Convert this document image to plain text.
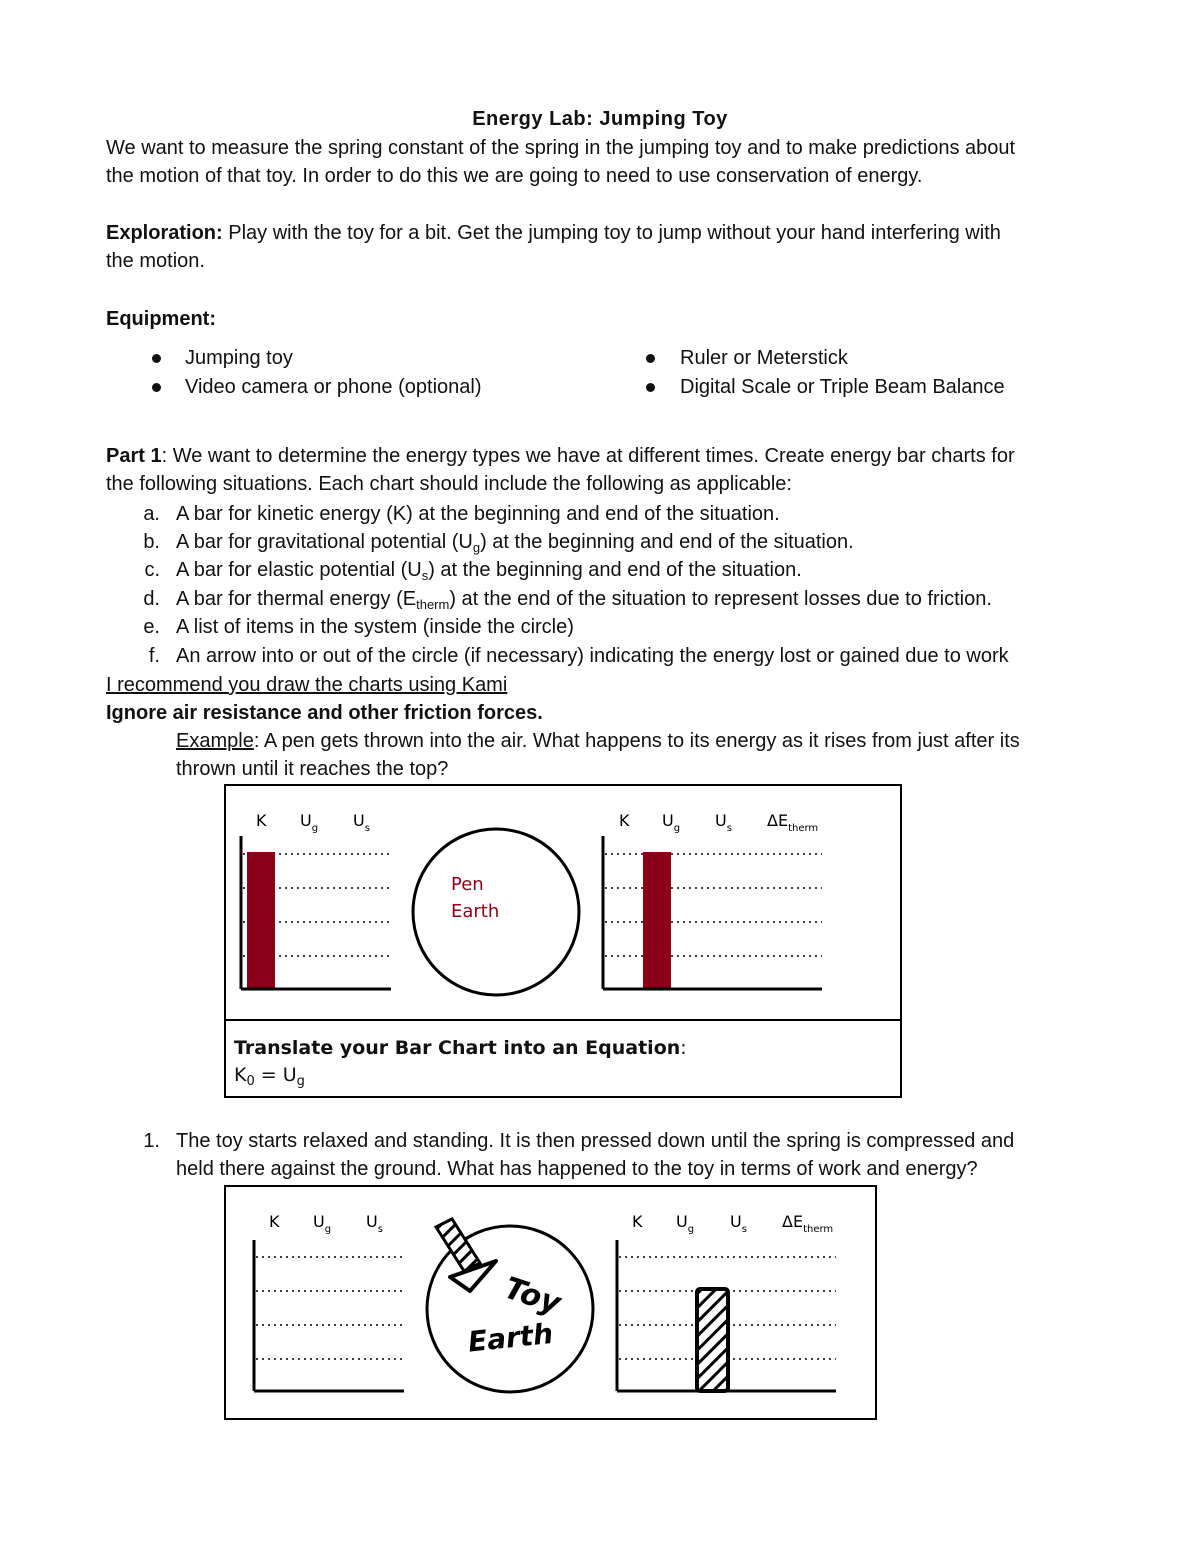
Energy Lab: Jumping Toy
We want to measure the spring constant of the spring in the jumping toy and to make predictions about
the motion of that toy. In order to do this we are going to need to use conservation of energy.
Exploration: Play with the toy for a bit. Get the jumping toy to jump without your hand interfering with
the motion.
Equipment:
Jumping toy
Video camera or phone (optional)
Ruler or Meterstick
Digital Scale or Triple Beam Balance
Part 1: We want to determine the energy types we have at different times. Create energy bar charts for
the following situations. Each chart should include the following as applicable:
a. A bar for kinetic energy (K) at the beginning and end of the situation.
b. A bar for gravitational potential $(U_g)$ at the beginning and end of the situation.
c. A bar for elastic potential $(U_s)$ at the beginning and end of the situation.
d. A bar for thermal energy $(E_{therm})$ at the end of the situation to represent losses due to friction.
e. A list of items in the system (inside the circle)
f. An arrow into or out of the circle (if necessary) indicating the energy lost or gained due to work
I recommend you draw the charts using Kami
Ignore air resistance and other friction forces.
Example: A pen gets thrown into the air. What happens to its energy as it rises from just after its
thrown until it reaches the top?
K $U_g$ $U_s$
Pen
Earth
K $U_g$ $U_s$ $\Delta E_{therm}$
Translate your Bar Chart into an Equation:
$K_0 = U_g$
1. The toy starts relaxed and standing. It is then pressed down until the spring is compressed and
held there against the ground. What has happened to the toy in terms of work and energy?
K $U_g$ $U_s$
Toy
Earth
K $U_g$ $U_s$ $\Delta E_{therm}$
